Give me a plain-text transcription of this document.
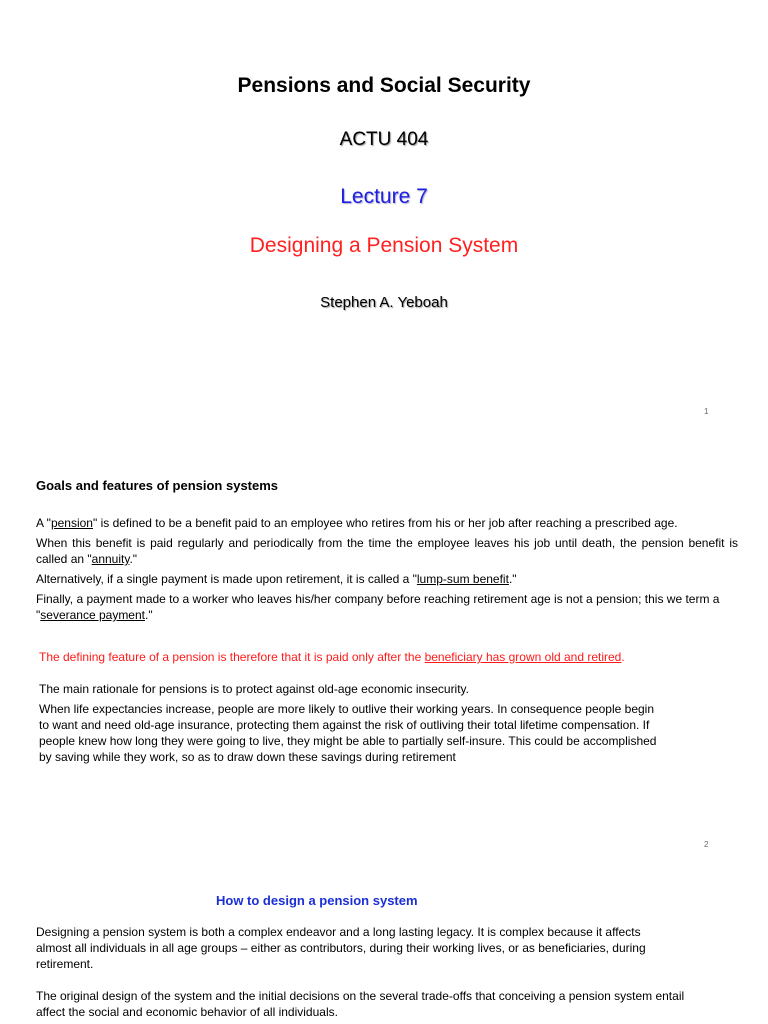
Pensions and Social Security
ACTU 404
Lecture 7
Designing a Pension System
Stephen A. Yeboah
1
Goals and features of pension systems
A "pension" is defined to be a benefit paid to an employee who retires from his or her job after reaching a prescribed age.
When this benefit is paid regularly and periodically from the time the employee leaves his job until death, the pension benefit is called an "annuity."
Alternatively, if a single payment is made upon retirement, it is called a "lump-sum benefit."
Finally, a payment made to a worker who leaves his/her company before reaching retirement age is not a pension; this we term a "severance payment."
The defining feature of a pension is therefore that it is paid only after the beneficiary has grown old and retired.
The main rationale for pensions is to protect against old-age economic insecurity.
When life expectancies increase, people are more likely to outlive their working years. In consequence people begin
to want and need old-age insurance, protecting them against the risk of outliving their total lifetime compensation. If
people knew how long they were going to live, they might be able to partially self-insure. This could be accomplished
by saving while they work, so as to draw down these savings during retirement
2
How to design a pension system
Designing a pension system is both a complex endeavor and a long lasting legacy. It is complex because it affects
almost all individuals in all age groups – either as contributors, during their working lives, or as beneficiaries, during
retirement.
The original design of the system and the initial decisions on the several trade-offs that conceiving a pension system entail
affect the social and economic behavior of all individuals.
